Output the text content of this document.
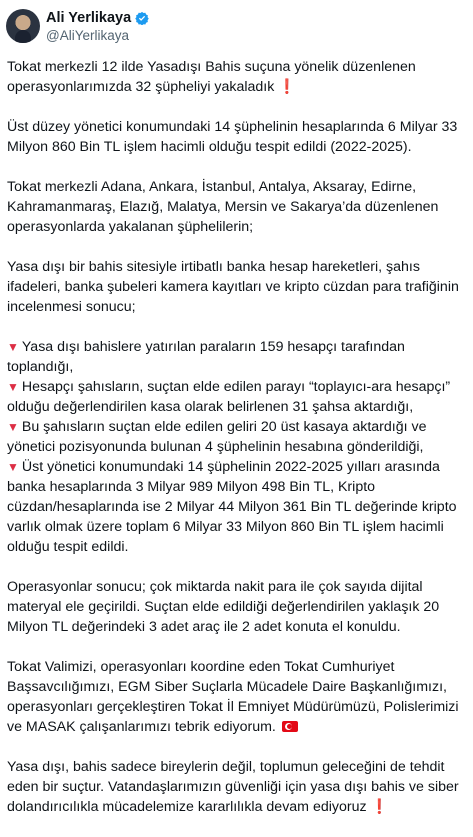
Ali Yerlikaya
@AliYerlikaya

Tokat merkezli 12 ilde Yasadışı Bahis suçuna yönelik düzenlenen
operasyonlarımızda 32 şüpheliyi yakaladık ❗

Üst düzey yönetici konumundaki 14 şüphelinin hesaplarında 6 Milyar 33
Milyon 860 Bin TL işlem hacimli olduğu tespit edildi (2022-2025).

Tokat merkezli Adana, Ankara, İstanbul, Antalya, Aksaray, Edirne,
Kahramanmaraş, Elazığ, Malatya, Mersin ve Sakarya’da düzenlenen
operasyonlarda yakalanan şüphelilerin;

Yasa dışı bir bahis sitesiyle irtibatlı banka hesap hareketleri, şahıs
ifadeleri, banka şubeleri kamera kayıtları ve kripto cüzdan para trafiğinin
incelenmesi sonucu;

▼ Yasa dışı bahislere yatırılan paraların 159 hesapçı tarafından
toplandığı,
▼ Hesapçı şahısların, suçtan elde edilen parayı “toplayıcı-ara hesapçı”
olduğu değerlendirilen kasa olarak belirlenen 31 şahsa aktardığı,
▼ Bu şahısların suçtan elde edilen geliri 20 üst kasaya aktardığı ve
yönetici pozisyonunda bulunan 4 şüphelinin hesabına gönderildiği,
▼ Üst yönetici konumundaki 14 şüphelinin 2022-2025 yılları arasında
banka hesaplarında 3 Milyar 989 Milyon 498 Bin TL, Kripto
cüzdan/hesaplarında ise 2 Milyar 44 Milyon 361 Bin TL değerinde kripto
varlık olmak üzere toplam 6 Milyar 33 Milyon 860 Bin TL işlem hacimli
olduğu tespit edildi.

Operasyonlar sonucu; çok miktarda nakit para ile çok sayıda dijital
materyal ele geçirildi. Suçtan elde edildiği değerlendirilen yaklaşık 20
Milyon TL değerindeki 3 adet araç ile 2 adet konuta el konuldu.

Tokat Valimizi, operasyonları koordine eden Tokat Cumhuriyet
Başsavcılığımızı, EGM Siber Suçlarla Mücadele Daire Başkanlığımızı,
operasyonları gerçekleştiren Tokat İl Emniyet Müdürümüzü, Polislerimizi
ve MASAK çalışanlarımızı tebrik ediyorum.

Yasa dışı, bahis sadece bireylerin değil, toplumun geleceğini de tehdit
eden bir suçtur. Vatandaşlarımızın güvenliği için yasa dışı bahis ve siber
dolandırıcılıkla mücadelemize kararlılıkla devam ediyoruz ❗
